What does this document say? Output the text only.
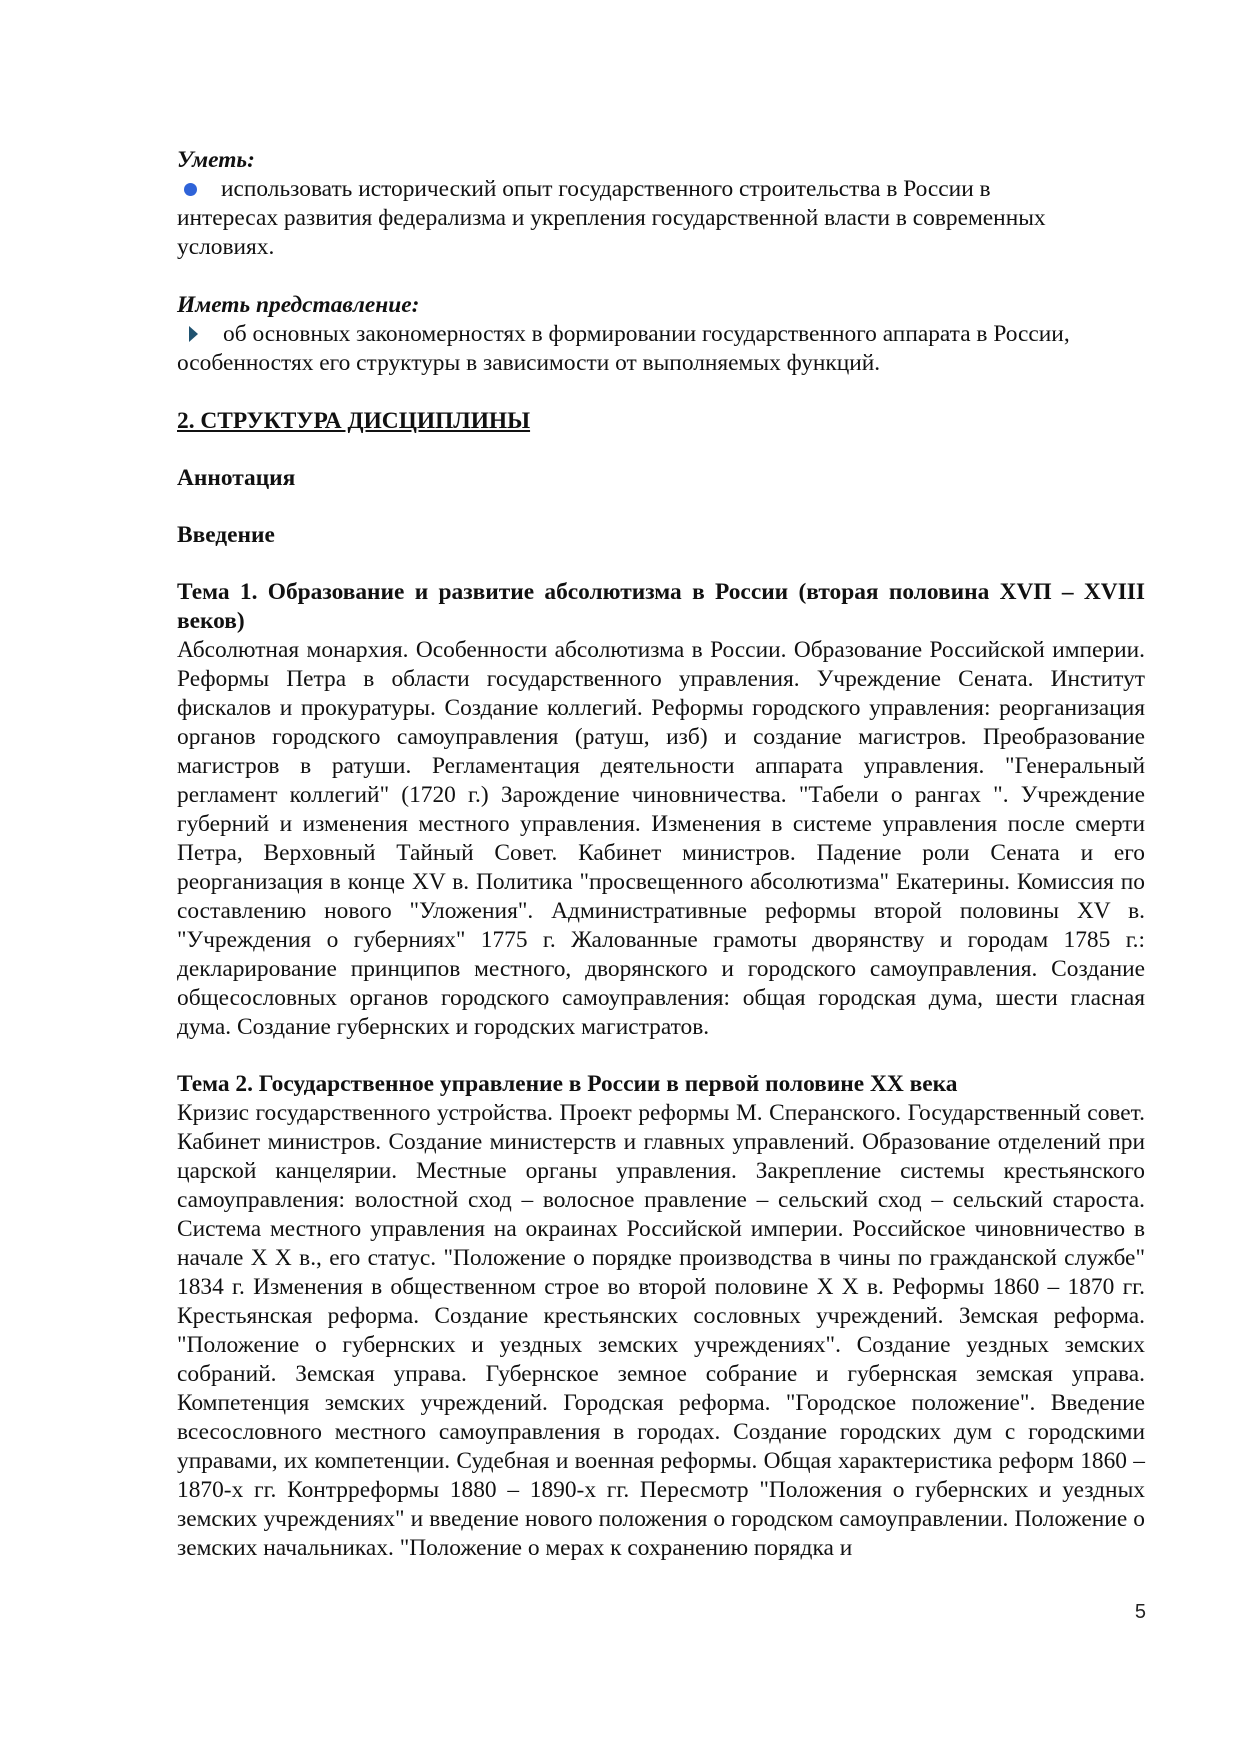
Уметь:
использовать исторический опыт государственного строительства в России в
интересах развития федерализма и укрепления государственной власти в современных условиях.
Иметь представление:
об основных закономерностях в формировании государственного аппарата в России,
особенностях его структуры в зависимости от выполняемых функций.
2. СТРУКТУРА ДИСЦИПЛИНЫ
Аннотация
Введение
Тема 1. Образование и развитие абсолютизма в России (вторая половина XVП – XVIII веков)
Абсолютная монархия. Особенности абсолютизма в России. Образование Российской империи. Реформы Петра в области государственного управления. Учреждение Сената. Институт фискалов и прокуратуры. Создание коллегий. Реформы городского управления: реорганизация органов городского самоуправления (ратуш, изб) и создание магистров. Преобразование магистров в ратуши. Регламентация деятельности аппарата управления. "Генеральный регламент коллегий" (1720 г.) Зарождение чиновничества. "Табели о рангах ". Учреждение губерний и изменения местного управления. Изменения в системе управления после смерти Петра, Верховный Тайный Совет. Кабинет министров. Падение роли Сената и его реорганизация в конце XV в. Политика "просвещенного абсолютизма" Екатерины. Комиссия по составлению нового "Уложения". Административные реформы второй половины XV в. "Учреждения о губерниях" 1775 г. Жалованные грамоты дворянству и городам 1785 г.: декларирование принципов местного, дворянского и городского самоуправления. Создание общесословных органов городского самоуправления: общая городская дума, шести гласная дума. Создание губернских и городских магистратов.
Тема 2. Государственное управление в России в первой половине XX века
Кризис государственного устройства. Проект реформы М. Сперанского. Государственный совет. Кабинет министров. Создание министерств и главных управлений. Образование отделений при царской канцелярии. Местные органы управления. Закрепление системы крестьянского самоуправления: волостной сход – волосное правление – сельский сход – сельский староста. Система местного управления на окраинах Российской империи. Российское чиновничество в начале X X в., его статус. "Положение о порядке производства в чины по гражданской службе" 1834 г. Изменения в общественном строе во второй половине X X в. Реформы 1860 – 1870 гг. Крестьянская реформа. Создание крестьянских сословных учреждений. Земская реформа. "Положение о губернских и уездных земских учреждениях". Создание уездных земских собраний. Земская управа. Губернское земное собрание и губернская земская управа. Компетенция земских учреждений. Городская реформа. "Городское положение". Введение всесословного местного самоуправления в городах. Создание городских дум с городскими управами, их компетенции. Судебная и военная реформы. Общая характеристика реформ 1860 – 1870-х гг. Контрреформы 1880 – 1890-х гг. Пересмотр "Положения о губернских и уездных земских учреждениях" и введение нового положения о городском самоуправлении. Положение о земских начальниках. "Положение о мерах к сохранению порядка и
5
